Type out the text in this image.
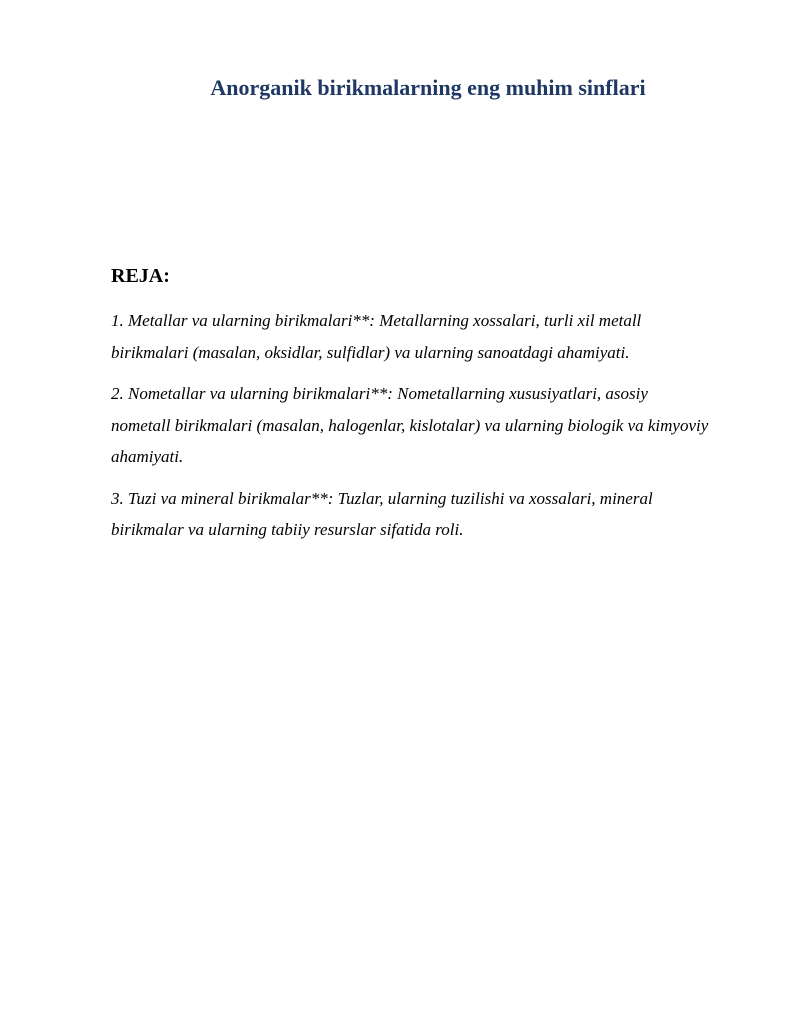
Anorganik birikmalarning eng muhim sinflari
REJA:
1. Metallar va ularning birikmalari**: Metallarning xossalari, turli xil metall birikmalari (masalan, oksidlar, sulfidlar) va ularning sanoatdagi ahamiyati.
2. Nometallar va ularning birikmalari**: Nometallarning xususiyatlari, asosiy nometall birikmalari (masalan, halogenlar, kislotalar) va ularning biologik va kimyoviy ahamiyati.
3. Tuzi va mineral birikmalar**: Tuzlar, ularning tuzilishi va xossalari, mineral birikmalar va ularning tabiiy resurslar sifatida roli.
